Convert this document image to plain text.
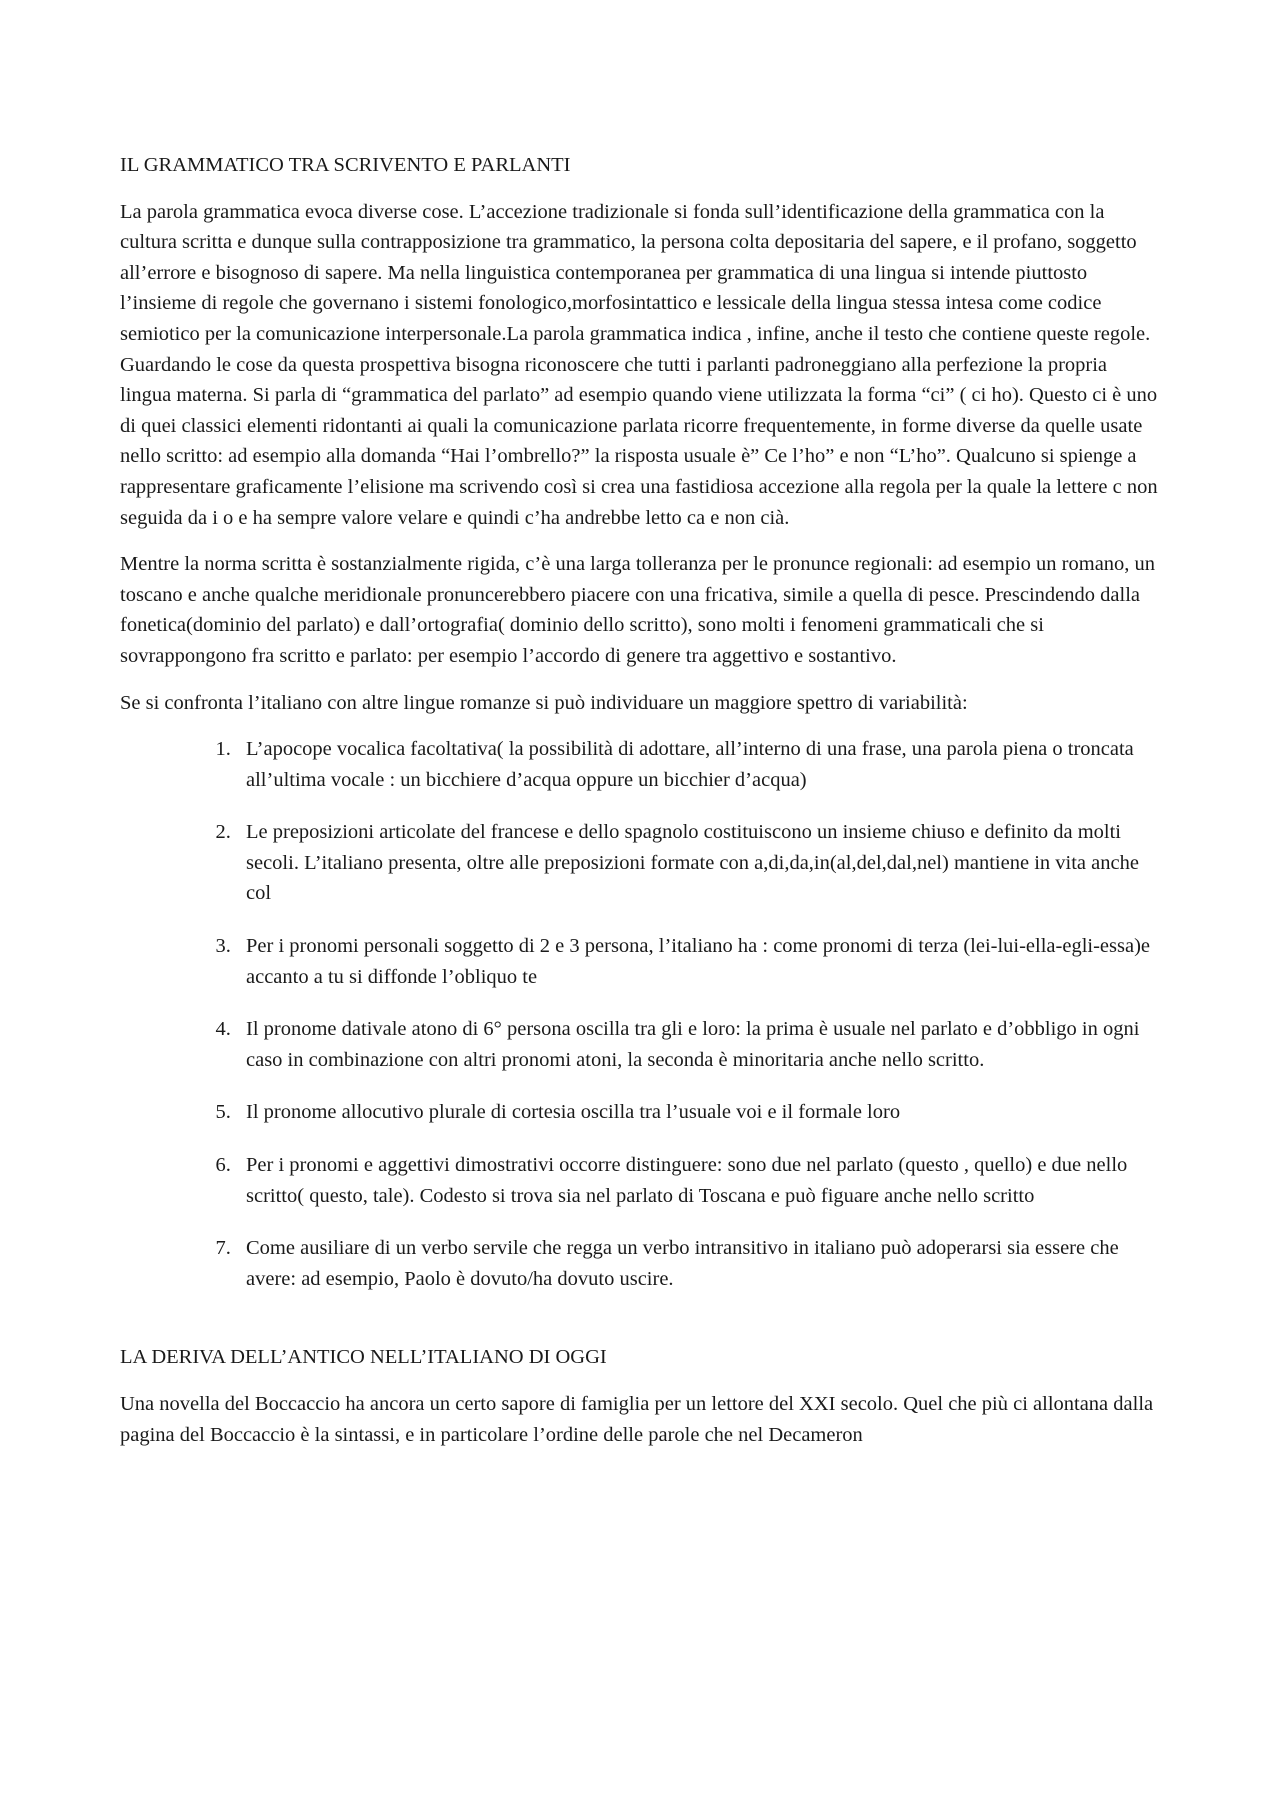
IL GRAMMATICO TRA SCRIVENTO E PARLANTI

La parola grammatica evoca diverse cose. L’accezione tradizionale si fonda sull’identificazione della grammatica con la cultura scritta e dunque sulla contrapposizione tra grammatico, la persona colta depositaria del sapere, e il profano, soggetto all’errore e bisognoso di sapere. Ma nella linguistica contemporanea per grammatica di una lingua si intende piuttosto l’insieme di regole che governano i sistemi fonologico,morfosintattico e lessicale della lingua stessa intesa come codice semiotico per la comunicazione interpersonale.La parola grammatica indica , infine, anche il testo che contiene queste regole. Guardando le cose da questa prospettiva bisogna riconoscere che tutti i parlanti padroneggiano alla perfezione la propria lingua materna. Si parla di “grammatica del parlato” ad esempio quando viene utilizzata la forma “ci” ( ci ho). Questo ci è uno di quei classici elementi ridontanti ai quali la comunicazione parlata ricorre frequentemente, in forme diverse da quelle usate nello scritto: ad esempio alla domanda “Hai l’ombrello?” la risposta usuale è” Ce l’ho” e non “L’ho”. Qualcuno si spienge a rappresentare graficamente l’elisione ma scrivendo così si crea una fastidiosa accezione alla regola per la quale la lettere c non seguida da i o e ha sempre valore velare e quindi c’ha andrebbe letto ca e non cià.

Mentre la norma scritta è sostanzialmente rigida, c’è una larga tolleranza per le pronunce regionali: ad esempio un romano, un toscano e anche qualche meridionale pronuncerebbero piacere con una fricativa, simile a quella di pesce. Prescindendo dalla fonetica(dominio del parlato) e dall’ortografia( dominio dello scritto), sono molti i fenomeni grammaticali che si sovrappongono fra scritto e parlato: per esempio l’accordo di genere tra aggettivo e sostantivo.

Se si confronta l’italiano con altre lingue romanze si può individuare un maggiore spettro di variabilità:

1. L’apocope vocalica facoltativa( la possibilità di adottare, all’interno di una frase, una parola piena o troncata all’ultima vocale : un bicchiere d’acqua oppure un bicchier d’acqua)
2. Le preposizioni articolate del francese e dello spagnolo costituiscono un insieme chiuso e definito da molti secoli. L’italiano presenta, oltre alle preposizioni formate con a,di,da,in(al,del,dal,nel) mantiene in vita anche col
3. Per i pronomi personali soggetto di 2 e 3 persona, l’italiano ha : come pronomi di terza (lei-lui-ella-egli-essa)e accanto a tu si diffonde l’obliquo te
4. Il pronome dativale atono di 6° persona oscilla tra gli e loro: la prima è usuale nel parlato e d’obbligo in ogni caso in combinazione con altri pronomi atoni, la seconda è minoritaria anche nello scritto.
5. Il pronome allocutivo plurale di cortesia oscilla tra l’usuale voi e il formale loro
6. Per i pronomi e aggettivi dimostrativi occorre distinguere: sono due nel parlato (questo , quello) e due nello scritto( questo, tale). Codesto si trova sia nel parlato di Toscana e può figuare anche nello scritto
7. Come ausiliare di un verbo servile che regga un verbo intransitivo in italiano può adoperarsi sia essere che avere: ad esempio, Paolo è dovuto/ha dovuto uscire.
LA DERIVA DELL’ANTICO NELL’ITALIANO DI OGGI

Una novella del Boccaccio ha ancora un certo sapore di famiglia per un lettore del XXI secolo. Quel che più ci allontana dalla pagina del Boccaccio è la sintassi, e in particolare l’ordine delle parole che nel Decameron
